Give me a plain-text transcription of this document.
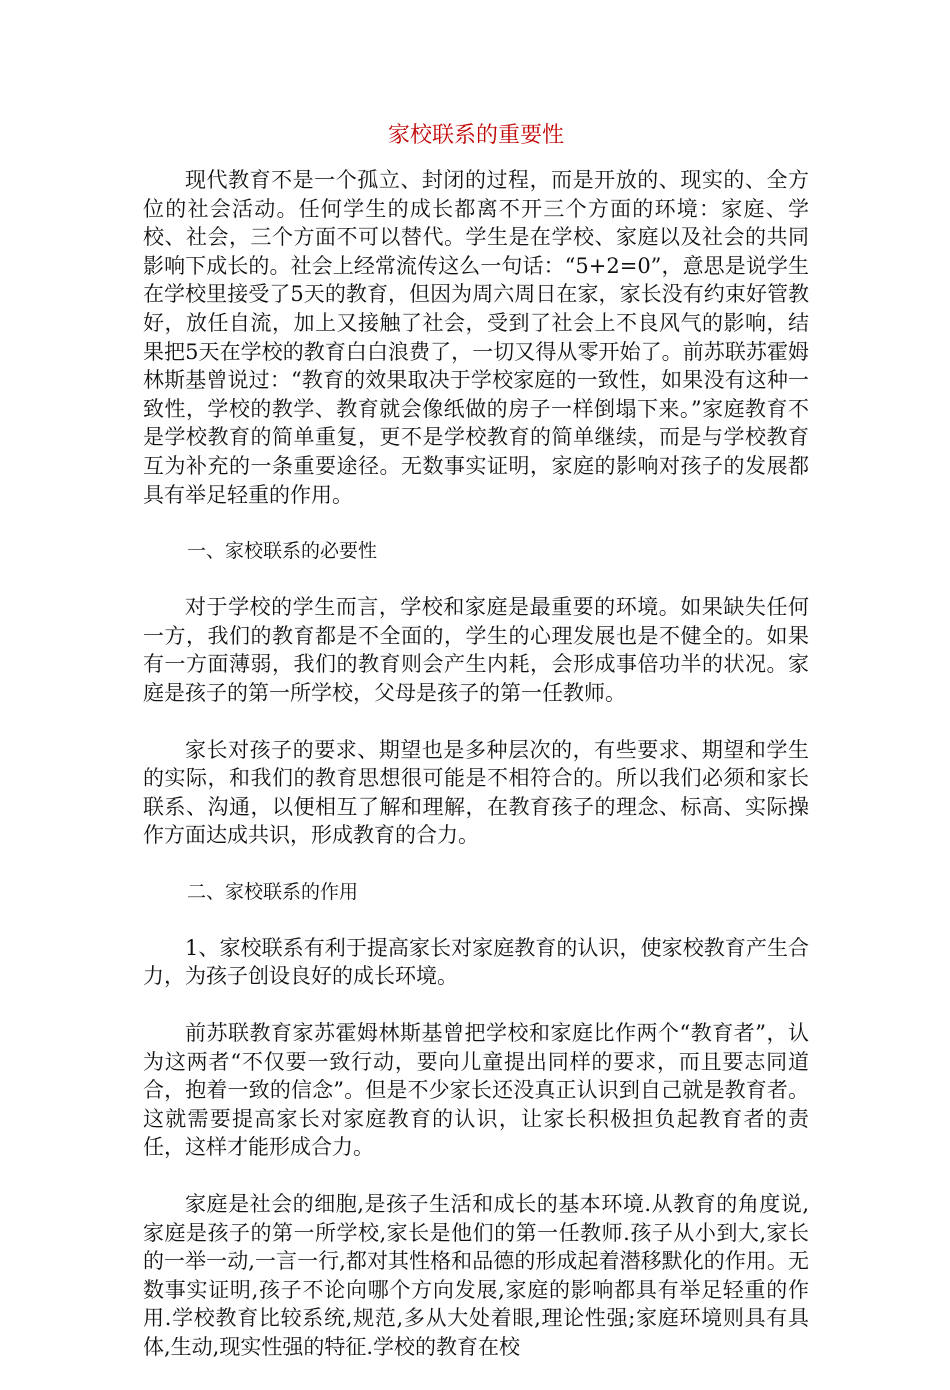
家校联系的重要性

现代教育不是一个孤立、封闭的过程，而是开放的、现实的、全方位的社会活动。任何学生的成长都离不开三个方面的环境：家庭、学校、社会，三个方面不可以替代。学生是在学校、家庭以及社会的共同影响下成长的。社会上经常流传这么一句话：“5+2=0”，意思是说学生在学校里接受了5天的教育，但因为周六周日在家，家长没有约束好管教好，放任自流，加上又接触了社会，受到了社会上不良风气的影响，结果把5天在学校的教育白白浪费了，一切又得从零开始了。前苏联苏霍姆林斯基曾说过：“教育的效果取决于学校家庭的一致性，如果没有这种一致性，学校的教学、教育就会像纸做的房子一样倒塌下来。”家庭教育不是学校教育的简单重复，更不是学校教育的简单继续，而是与学校教育互为补充的一条重要途径。无数事实证明，家庭的影响对孩子的发展都具有举足轻重的作用。

一、家校联系的必要性

对于学校的学生而言，学校和家庭是最重要的环境。如果缺失任何一方，我们的教育都是不全面的，学生的心理发展也是不健全的。如果有一方面薄弱，我们的教育则会产生内耗，会形成事倍功半的状况。家庭是孩子的第一所学校，父母是孩子的第一任教师。

家长对孩子的要求、期望也是多种层次的，有些要求、期望和学生的实际，和我们的教育思想很可能是不相符合的。所以我们必须和家长联系、沟通，以便相互了解和理解，在教育孩子的理念、标高、实际操作方面达成共识，形成教育的合力。

二、家校联系的作用

1、家校联系有利于提高家长对家庭教育的认识，使家校教育产生合力，为孩子创设良好的成长环境。

前苏联教育家苏霍姆林斯基曾把学校和家庭比作两个“教育者”，认为这两者“不仅要一致行动，要向儿童提出同样的要求，而且要志同道合，抱着一致的信念”。但是不少家长还没真正认识到自己就是教育者。这就需要提高家长对家庭教育的认识，让家长积极担负起教育者的责任，这样才能形成合力。

家庭是社会的细胞,是孩子生活和成长的基本环境.从教育的角度说,家庭是孩子的第一所学校,家长是他们的第一任教师.孩子从小到大,家长的一举一动,一言一行,都对其性格和品德的形成起着潜移默化的作用。无数事实证明,孩子不论向哪个方向发展,家庭的影响都具有举足轻重的作用.学校教育比较系统,规范,多从大处着眼,理论性强;家庭环境则具有具体,生动,现实性强的特征.学校的教育在校
